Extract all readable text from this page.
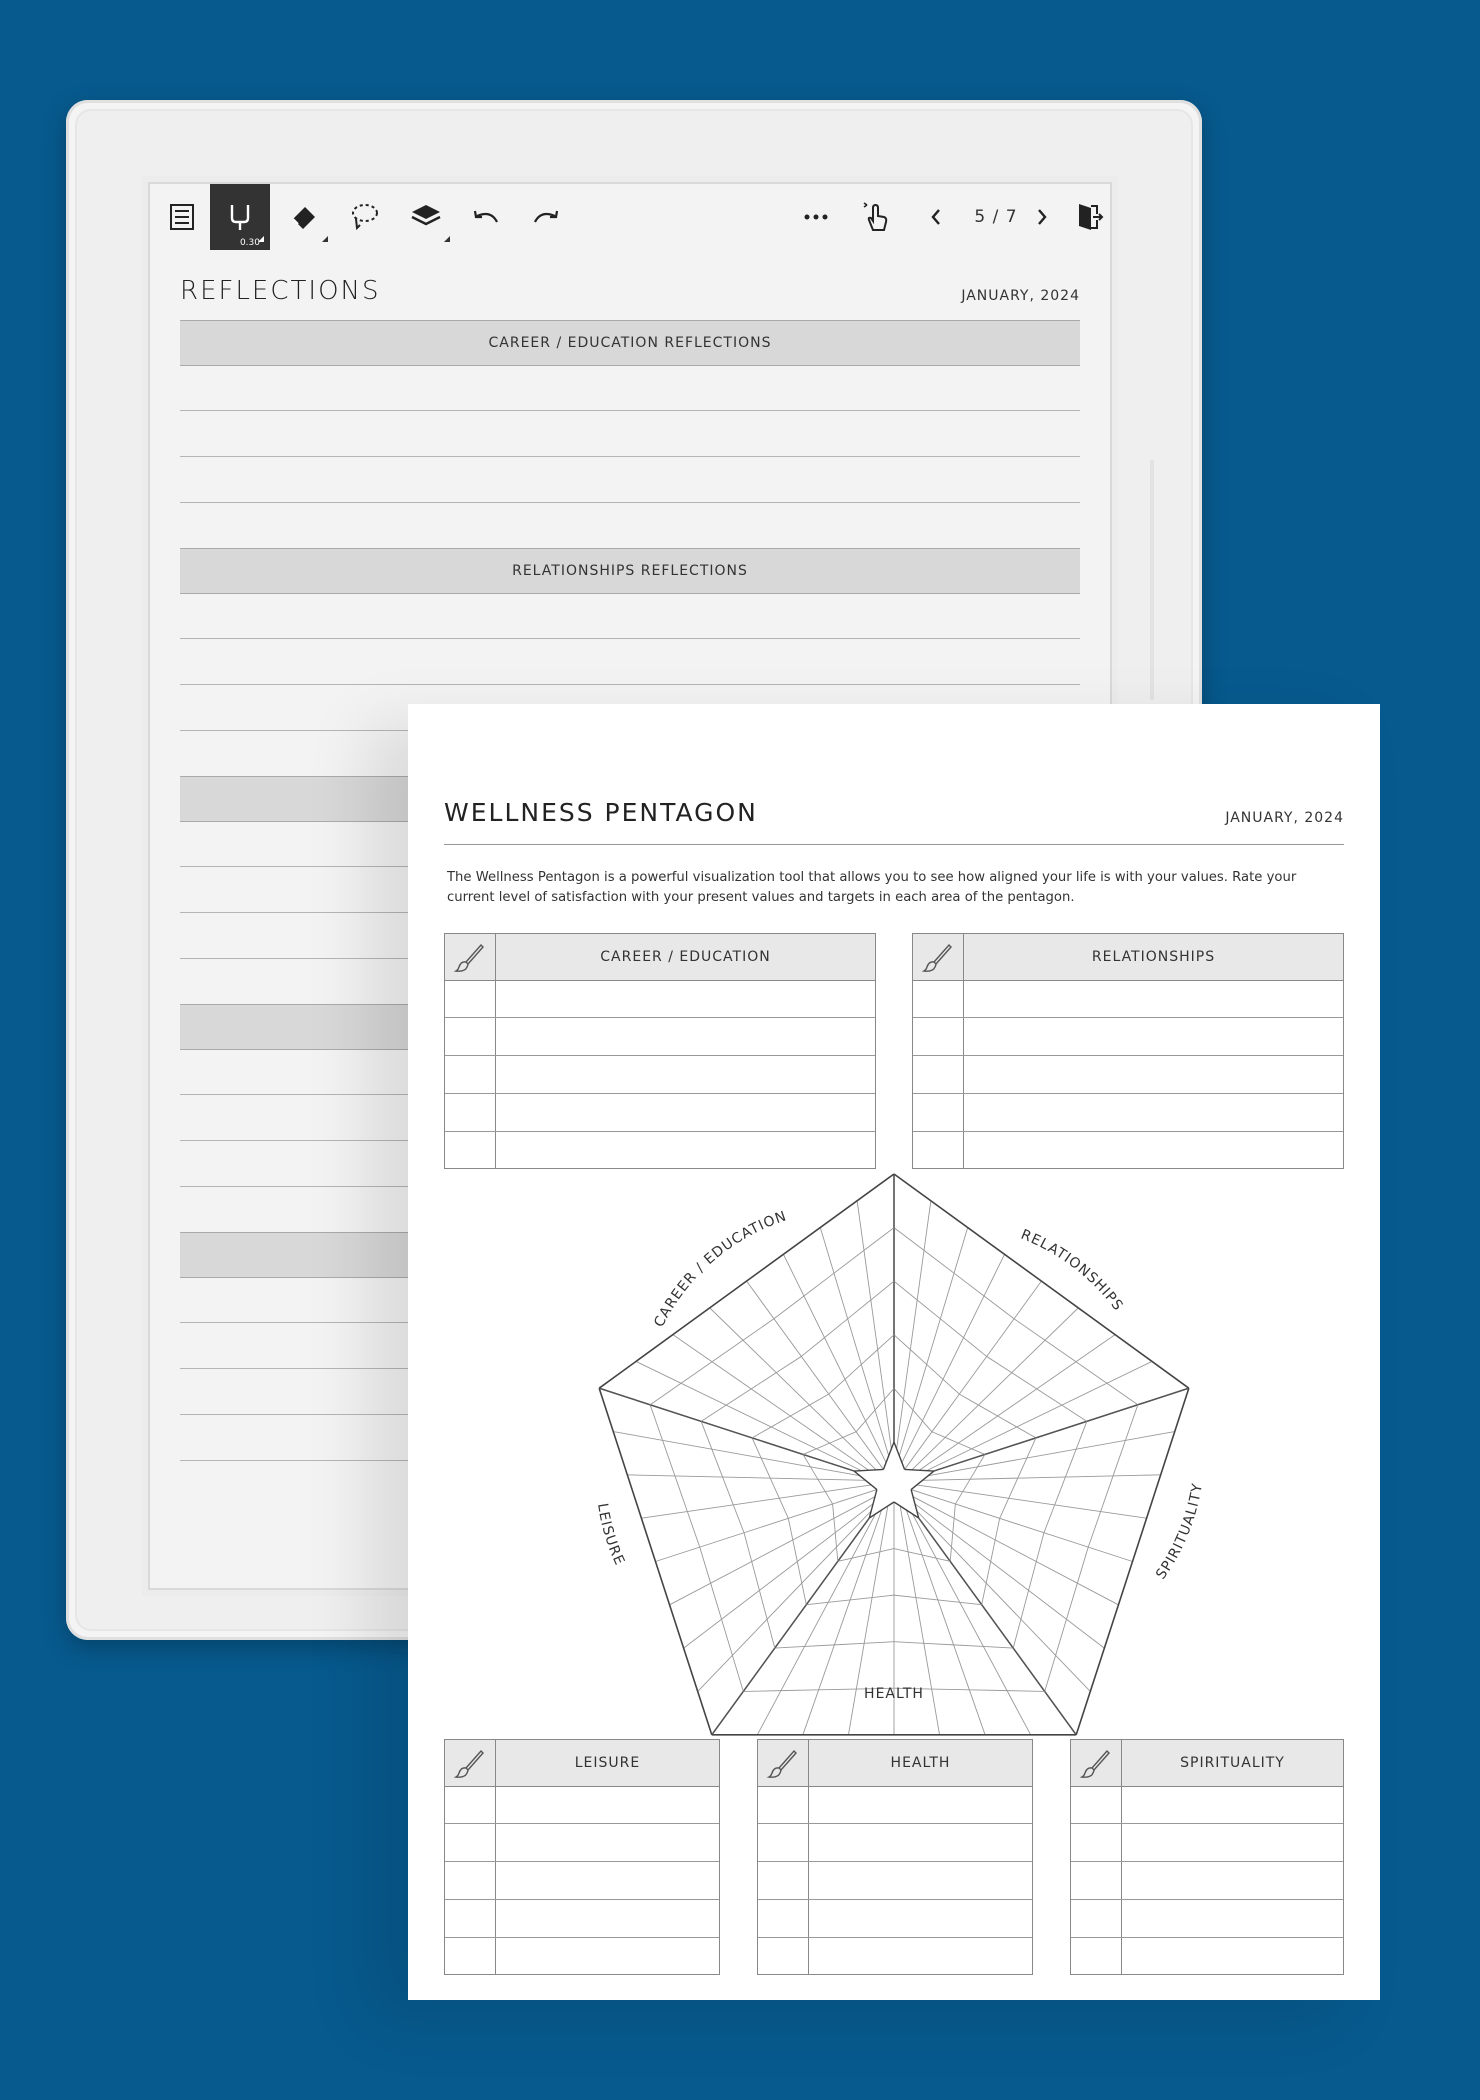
0.30
5 / 7
REFLECTIONS	JANUARY, 2024
CAREER / EDUCATION REFLECTIONS
RELATIONSHIPS REFLECTIONS
WELLNESS PENTAGON	JANUARY, 2024
The Wellness Pentagon is a powerful visualization tool that allows you to see how aligned your life is with your values. Rate your current level of satisfaction with your present values and targets in each area of the pentagon.
CAREER / EDUCATION	RELATIONSHIPS
CAREER / EDUCATION
RELATIONSHIPS
SPIRITUALITY
HEALTH
LEISURE
LEISURE	HEALTH	SPIRITUALITY
